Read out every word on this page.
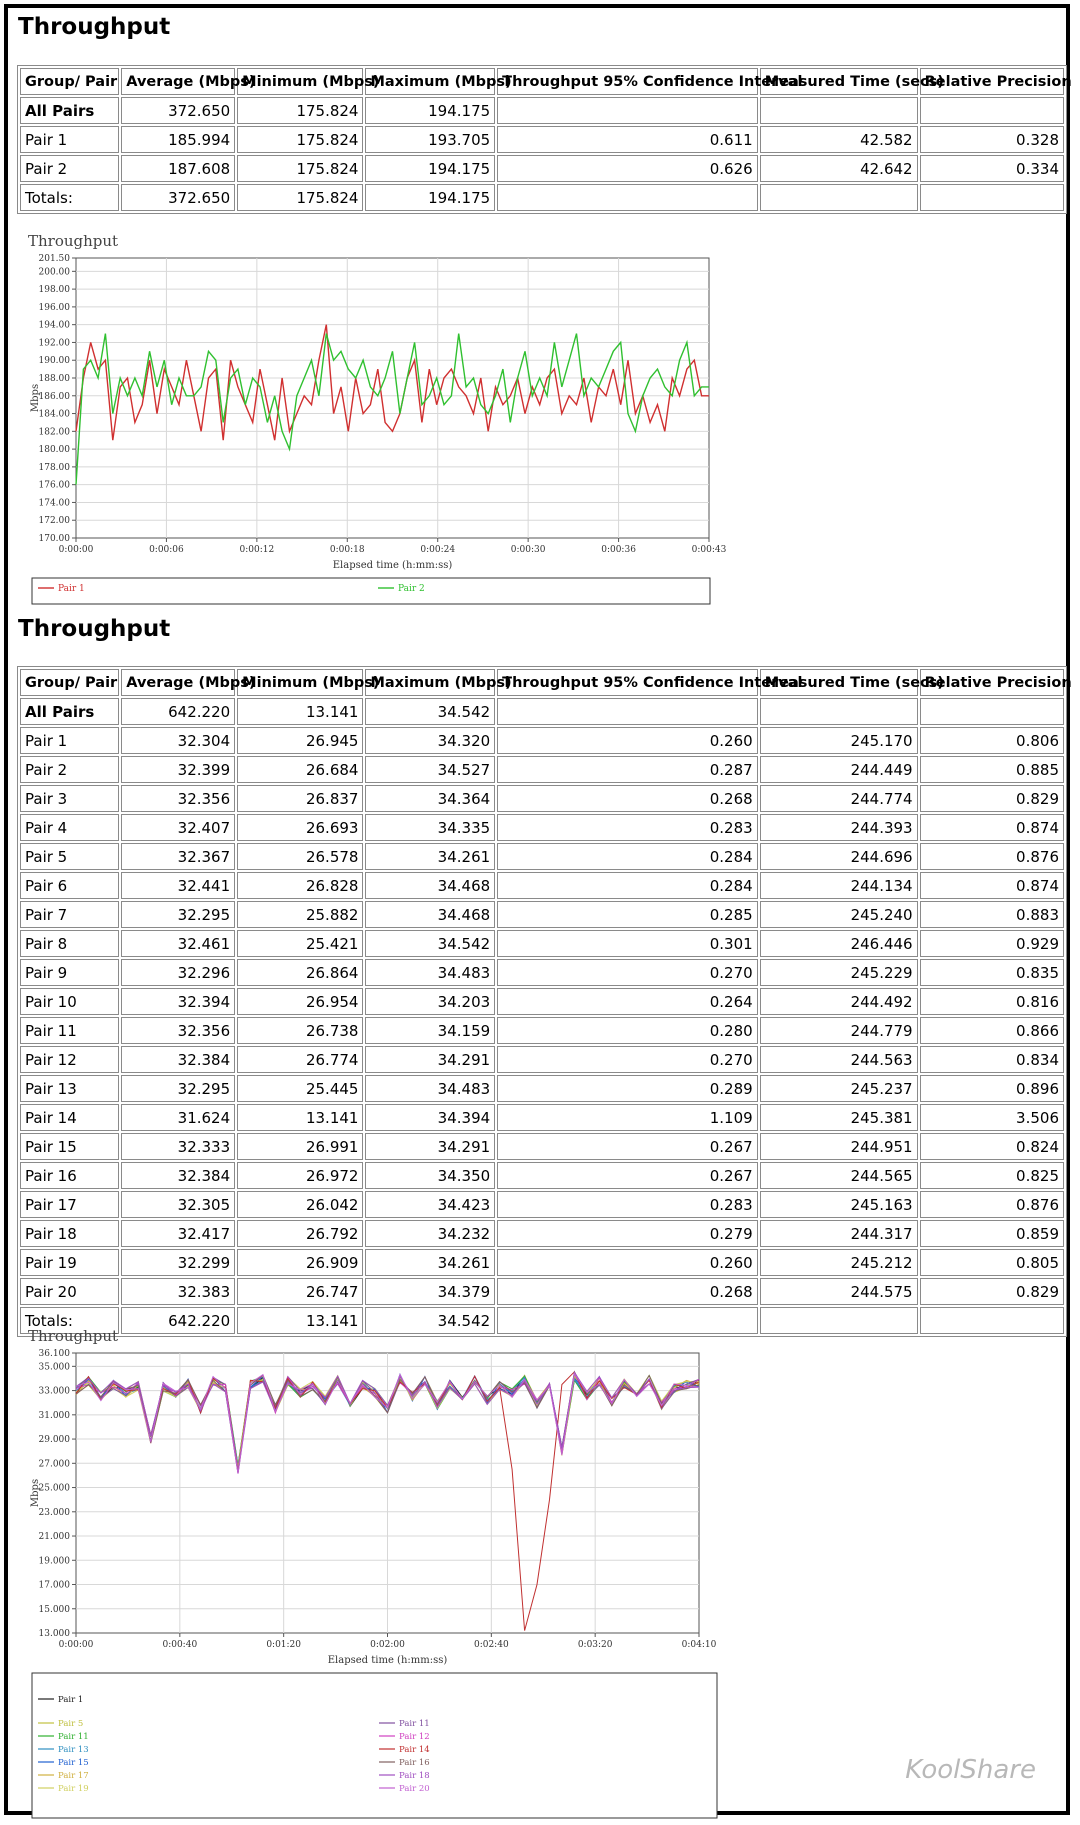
Throughput
Group/ Pair	Average (Mbps)	Minimum (Mbps)	Maximum (Mbps)	Throughput 95% Confidence Interval	Measured Time (secs)	Relative Precision
All Pairs	372.650	175.824	194.175			
Pair 1	185.994	175.824	193.705	0.611	42.582	0.328
Pair 2	187.608	175.824	194.175	0.626	42.642	0.334
Totals:	372.650	175.824	194.175			
Throughput
170.00
172.00
174.00
176.00
178.00
180.00
182.00
184.00
186.00
188.00
190.00
192.00
194.00
196.00
198.00
200.00
201.50
0:00:00	0:00:06	0:00:12	0:00:18	0:00:24	0:00:30	0:00:36	0:00:43
Elapsed time (h:mm:ss)
Mbps
Pair 1	Pair 2
Throughput
Group/ Pair	Average (Mbps)	Minimum (Mbps)	Maximum (Mbps)	Throughput 95% Confidence Interval	Measured Time (secs)	Relative Precision
All Pairs	642.220	13.141	34.542			
Pair 1	32.304	26.945	34.320	0.260	245.170	0.806
Pair 2	32.399	26.684	34.527	0.287	244.449	0.885
Pair 3	32.356	26.837	34.364	0.268	244.774	0.829
Pair 4	32.407	26.693	34.335	0.283	244.393	0.874
Pair 5	32.367	26.578	34.261	0.284	244.696	0.876
Pair 6	32.441	26.828	34.468	0.284	244.134	0.874
Pair 7	32.295	25.882	34.468	0.285	245.240	0.883
Pair 8	32.461	25.421	34.542	0.301	246.446	0.929
Pair 9	32.296	26.864	34.483	0.270	245.229	0.835
Pair 10	32.394	26.954	34.203	0.264	244.492	0.816
Pair 11	32.356	26.738	34.159	0.280	244.779	0.866
Pair 12	32.384	26.774	34.291	0.270	244.563	0.834
Pair 13	32.295	25.445	34.483	0.289	245.237	0.896
Pair 14	31.624	13.141	34.394	1.109	245.381	3.506
Pair 15	32.333	26.991	34.291	0.267	244.951	0.824
Pair 16	32.384	26.972	34.350	0.267	244.565	0.825
Pair 17	32.305	26.042	34.423	0.283	245.163	0.876
Pair 18	32.417	26.792	34.232	0.279	244.317	0.859
Pair 19	32.299	26.909	34.261	0.260	245.212	0.805
Pair 20	32.383	26.747	34.379	0.268	244.575	0.829
Totals:	642.220	13.141	34.542			
Throughput
13.000
15.000
17.000
19.000
21.000
23.000
25.000
27.000
29.000
31.000
33.000
35.000
36.100
0:00:00	0:00:40	0:01:20	0:02:00	0:02:40	0:03:20	0:04:10
Elapsed time (h:mm:ss)
Mbps
Pair 1
Pair 5
Pair 11
Pair 13
Pair 15
Pair 17
Pair 19
Pair 11
Pair 12
Pair 14
Pair 16
Pair 18
Pair 20
KoolShare
